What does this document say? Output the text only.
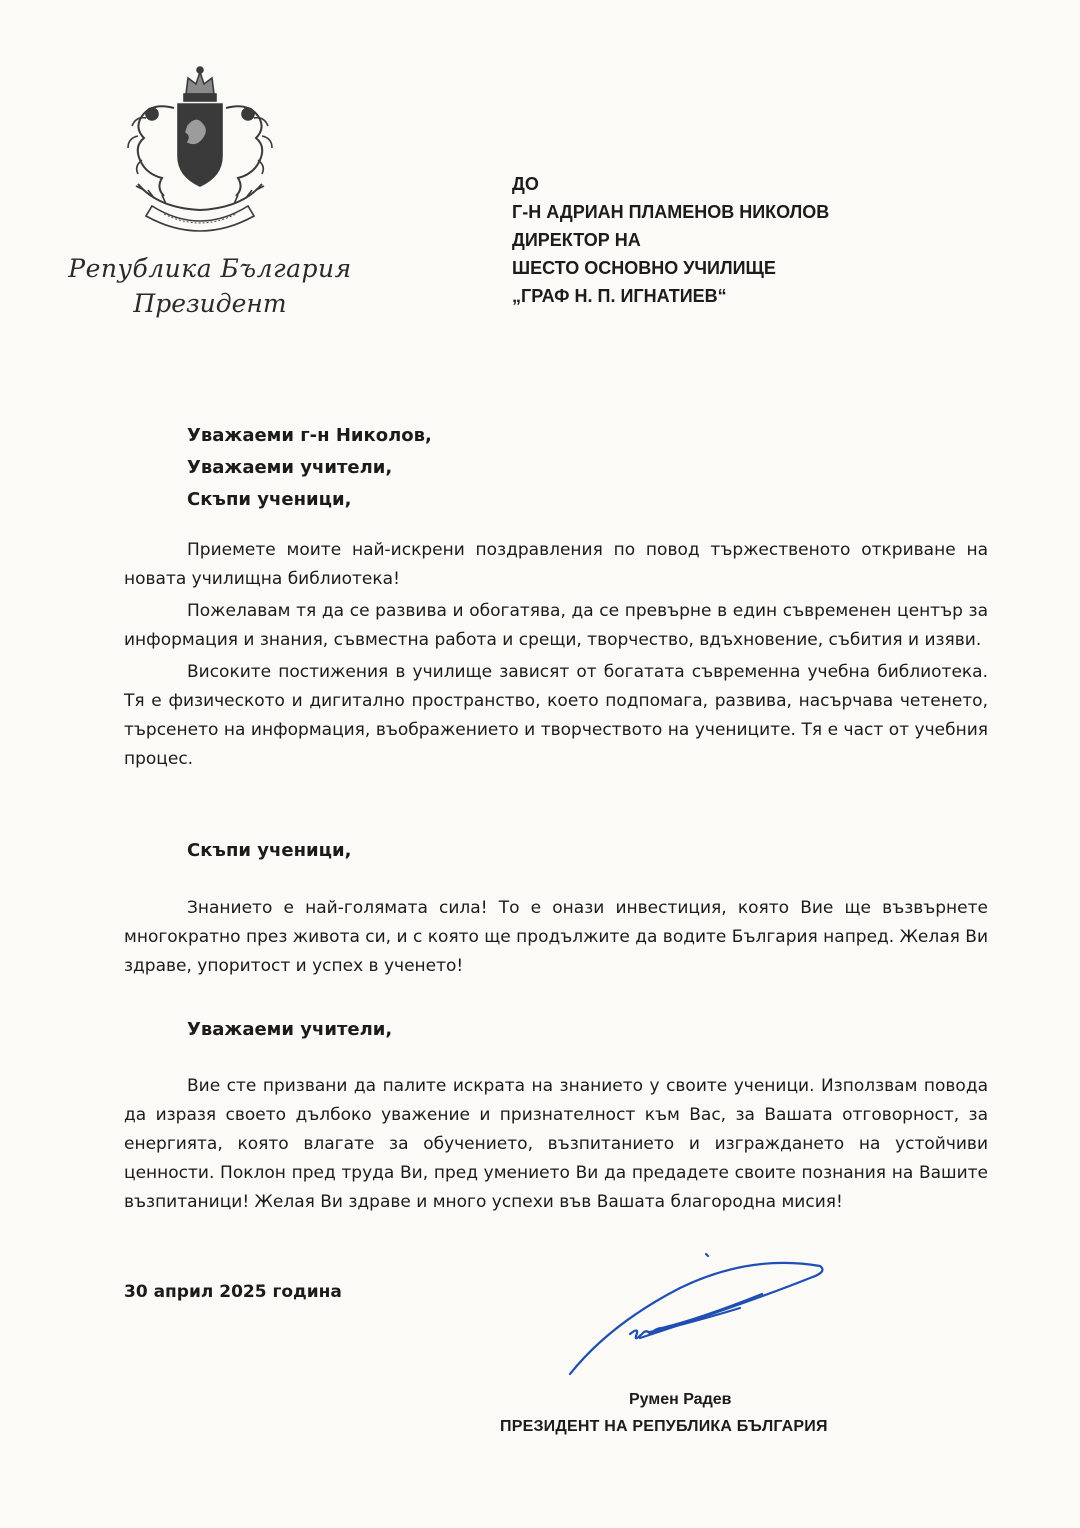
Република България
Президент
ДО
Г-Н АДРИАН ПЛАМЕНОВ НИКОЛОВ
ДИРЕКТОР НА
ШЕСТО ОСНОВНО УЧИЛИЩЕ
„ГРАФ Н. П. ИГНАТИЕВ“
Уважаеми г-н Николов,
Уважаеми учители,
Скъпи ученици,

Приемете моите най-искрени поздравления по повод тържественото откриване на новата училищна библиотека!

Пожелавам тя да се развива и обогатява, да се превърне в един съвременен център за информация и знания, съвместна работа и срещи, творчество, вдъхновение, събития и изяви.

Високите постижения в училище зависят от богатата съвременна учебна библиотека. Тя е физическото и дигитално пространство, което подпомага, развива, насърчава четенето, търсенето на информация, въображението и творчеството на учениците. Тя е част от учебния процес.

Скъпи ученици,

Знанието е най-голямата сила! То е онази инвестиция, която Вие ще възвърнете многократно през живота си, и с която ще продължите да водите България напред. Желая Ви здраве, упоритост и успех в ученето!

Уважаеми учители,

Вие сте призвани да палите искрата на знанието у своите ученици. Използвам повода да изразя своето дълбоко уважение и признателност към Вас, за Вашата отговорност, за енергията, която влагате за обучението, възпитанието и изграждането на устойчиви ценности. Поклон пред труда Ви, пред умението Ви да предадете своите познания на Вашите възпитаници! Желая Ви здраве и много успехи във Вашата благородна мисия!

30 април 2025 година
Румен Радев
ПРЕЗИДЕНТ НА РЕПУБЛИКА БЪЛГАРИЯ
